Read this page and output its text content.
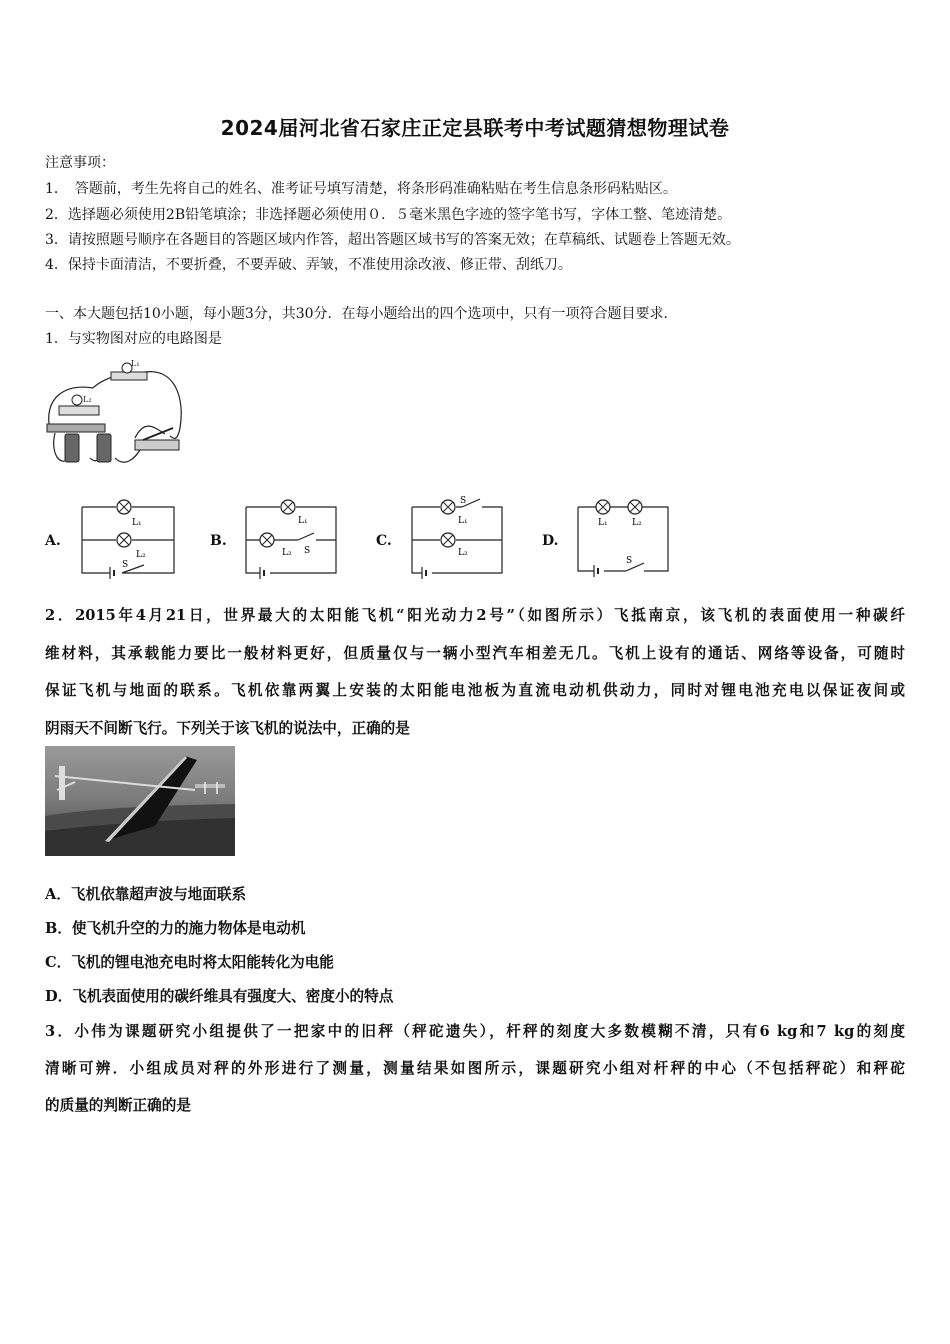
2024届河北省石家庄正定县联考中考试题猜想物理试卷
注意事项：
1．　答题前，考生先将自己的姓名、准考证号填写清楚，将条形码准确粘贴在考生信息条形码粘贴区。
2．选择题必须使用2B铅笔填涂；非选择题必须使用０．５毫米黑色字迹的签字笔书写，字体工整、笔迹清楚。
3．请按照题号顺序在各题目的答题区域内作答，超出答题区域书写的答案无效；在草稿纸、试题卷上答题无效。
4．保持卡面清洁，不要折叠，不要弄破、弄皱，不准使用涂改液、修正带、刮纸刀。
一、本大题包括10小题，每小题3分，共30分．在每小题给出的四个选项中，只有一项符合题目要求．
1．与实物图对应的电路图是
L₁
L₂
A.
L₁
L₂
S
B.
L₁
L₂ S
C.
S
L₁
L₂
D.
L₁	L₂
S
2．2015年4月21日，世界最大的太阳能飞机“阳光动力2号”（如图所示）飞抵南京，该飞机的表面使用一种碳纤
维材料，其承载能力要比一般材料更好，但质量仅与一辆小型汽车相差无几。飞机上设有的通话、网络等设备，可随时
保证飞机与地面的联系。飞机依靠两翼上安装的太阳能电池板为直流电动机供动力，同时对锂电池充电以保证夜间或
阴雨天不间断飞行。下列关于该飞机的说法中，正确的是
A．飞机依靠超声波与地面联系
B．使飞机升空的力的施力物体是电动机
C．飞机的锂电池充电时将太阳能转化为电能
D．飞机表面使用的碳纤维具有强度大、密度小的特点
3．小伟为课题研究小组提供了一把家中的旧秤（秤砣遗失），杆秤的刻度大多数模糊不清，只有6 kg和7 kg的刻度
清晰可辨．小组成员对秤的外形进行了测量，测量结果如图所示，课题研究小组对杆秤的中心（不包括秤砣）和秤砣
的质量的判断正确的是
